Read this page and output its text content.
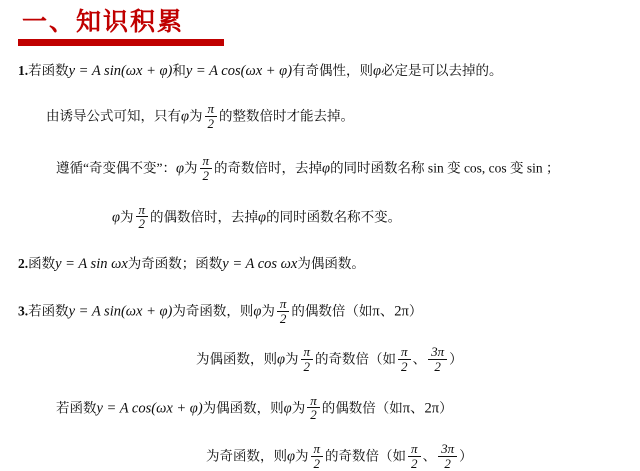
一、知识积累
1.若函数y = A sin(ωx + φ)和y = A cos(ωx + φ)有奇偶性，则φ必定是可以去掉的。
由诱导公式可知，只有φ为 $\frac{\pi}{2}$ 的整数倍时才能去掉。
遵循“奇变偶不变”：φ为 $\frac{\pi}{2}$ 的奇数倍时，去掉φ的同时函数名称 sin 变 cos, cos 变 sin ；
φ为 $\frac{\pi}{2}$ 的偶数倍时，去掉φ的同时函数名称不变。
2.函数y = A sin ωx为奇函数；函数y = A cos ωx为偶函数。
3.若函数y = A sin(ωx + φ)为奇函数，则φ为 $\frac{\pi}{2}$ 的偶数倍（如π、2π）
为偶函数，则φ为 $\frac{\pi}{2}$ 的奇数倍（如 $\frac{\pi}{2}$ 、 $\frac{3\pi}{2}$ ）
若函数y = A cos(ωx + φ)为偶函数，则φ为 $\frac{\pi}{2}$ 的偶数倍（如π、2π）
为奇函数，则φ为 $\frac{\pi}{2}$ 的奇数倍（如 $\frac{\pi}{2}$ 、 $\frac{3\pi}{2}$ ）
